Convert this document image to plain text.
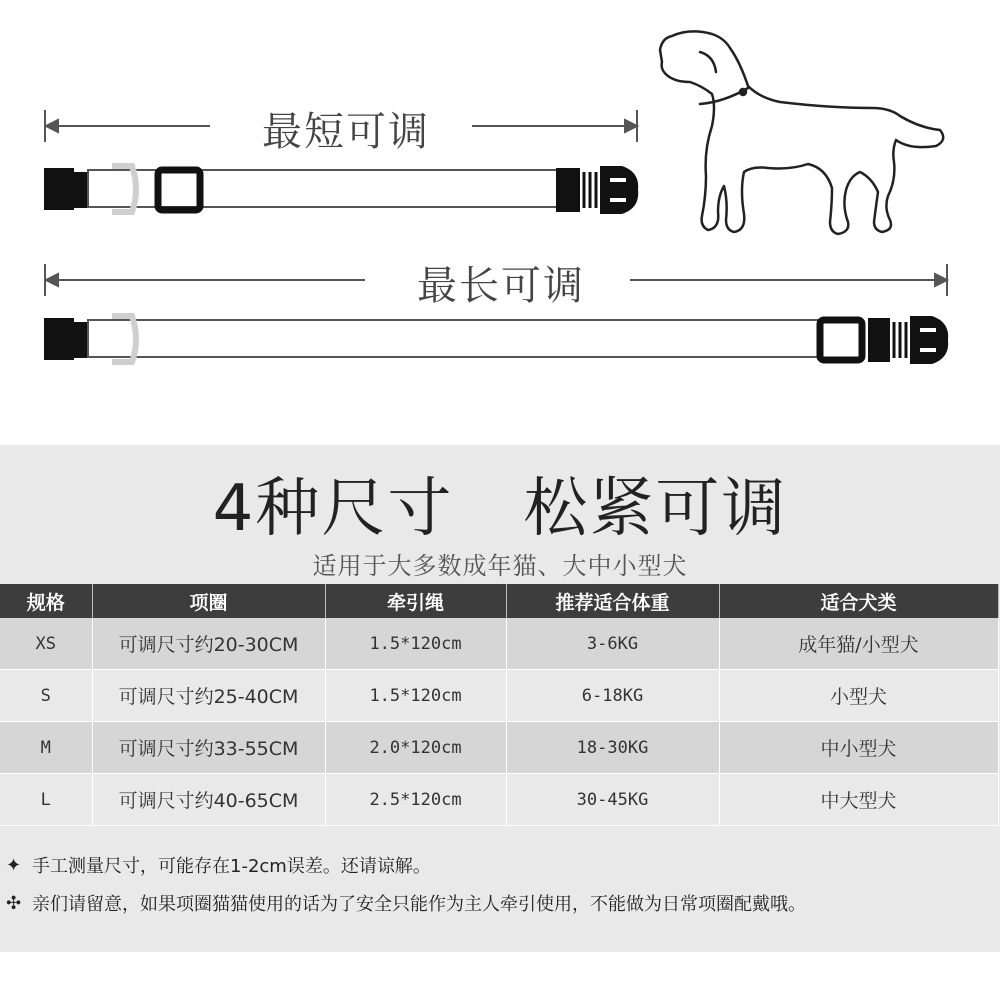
最短可调
最长可调
4种尺寸 松紧可调
适用于大多数成年猫、大中小型犬
规格	项圈	牵引绳	推荐适合体重	适合犬类
XS	可调尺寸约20-30CM	1.5*120cm	3-6KG	成年猫/小型犬
S	可调尺寸约25-40CM	1.5*120cm	6-18KG	小型犬
M	可调尺寸约33-55CM	2.0*120cm	18-30KG	中小型犬
L	可调尺寸约40-65CM	2.5*120cm	30-45KG	中大型犬
✦ 手工测量尺寸，可能存在1-2cm误差。还请谅解。
✣ 亲们请留意，如果项圈猫猫使用的话为了安全只能作为主人牵引使用，不能做为日常项圈配戴哦。
